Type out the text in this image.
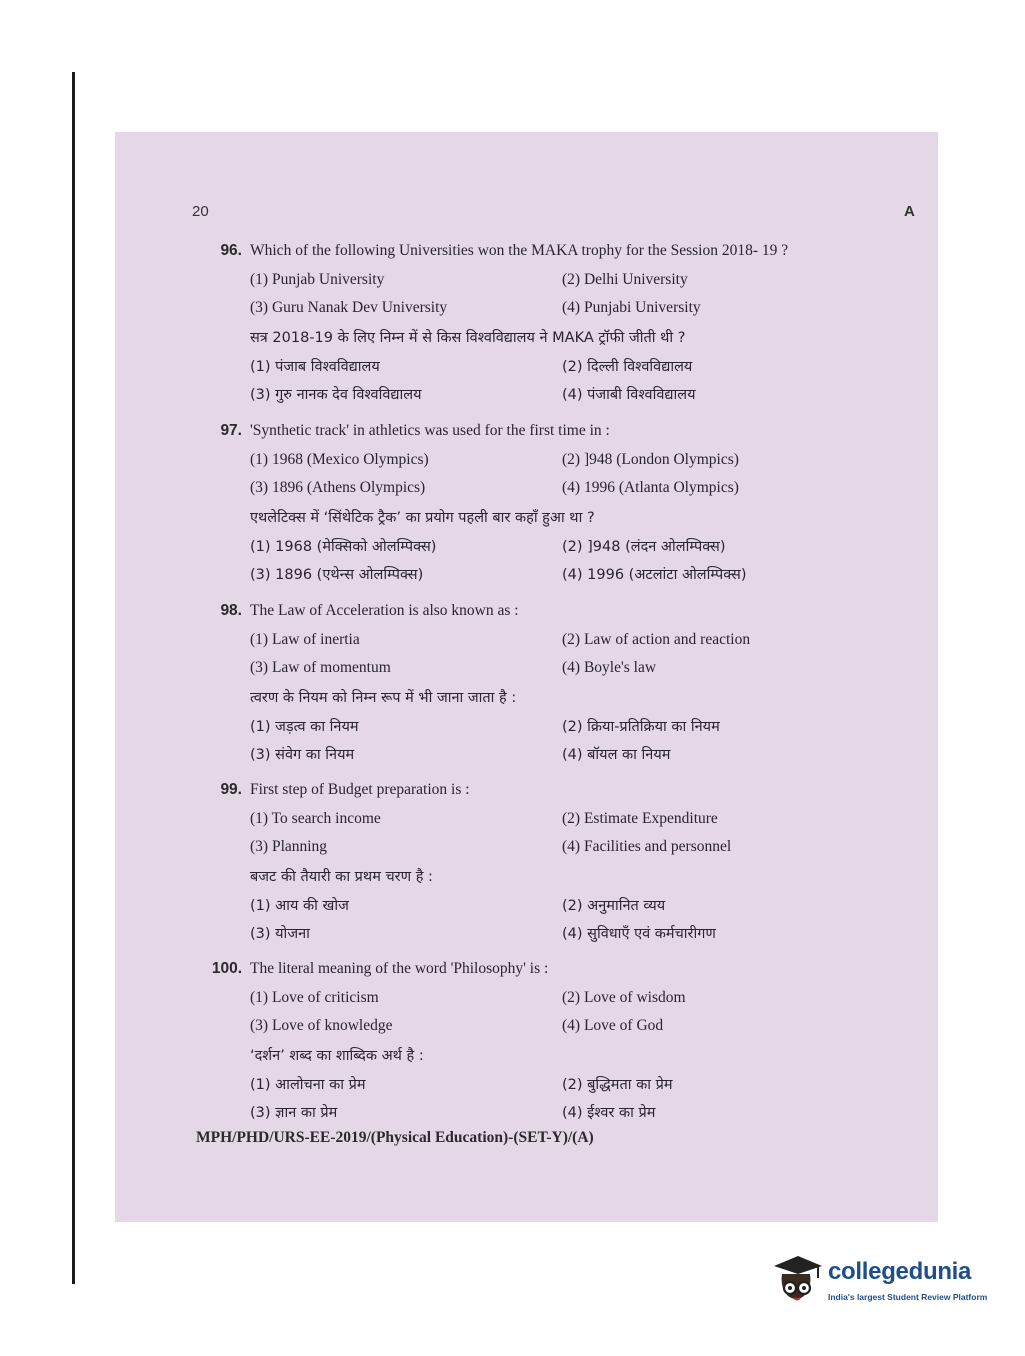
20	A
96. Which of the following Universities won the MAKA trophy for the Session 2018- 19 ?
(1) Punjab University	(2) Delhi University
(3) Guru Nanak Dev University	(4) Punjabi University
सत्र 2018-19 के लिए निम्न में से किस विश्वविद्यालय ने MAKA ट्रॉफी जीती थी ?
(1) पंजाब विश्वविद्यालय	(2) दिल्ली विश्वविद्यालय
(3) गुरु नानक देव विश्वविद्यालय	(4) पंजाबी विश्वविद्यालय
97. 'Synthetic track' in athletics was used for the first time in :
(1) 1968 (Mexico Olympics)	(2) ]948 (London Olympics)
(3) 1896 (Athens Olympics)	(4) 1996 (Atlanta Olympics)
एथलेटिक्स में ‘सिंथेटिक ट्रैक’ का प्रयोग पहली बार कहाँ हुआ था ?
(1) 1968 (मेक्सिको ओलम्पिक्स)	(2) ]948 (लंदन ओलम्पिक्स)
(3) 1896 (एथेन्स ओलम्पिक्स)	(4) 1996 (अटलांटा ओलम्पिक्स)
98. The Law of Acceleration is also known as :
(1) Law of inertia	(2) Law of action and reaction
(3) Law of momentum	(4) Boyle's law
त्वरण के नियम को निम्न रूप में भी जाना जाता है :
(1) जड़त्व का नियम	(2) क्रिया-प्रतिक्रिया का नियम
(3) संवेग का नियम	(4) बॉयल का नियम
99. First step of Budget preparation is :
(1) To search income	(2) Estimate Expenditure
(3) Planning	(4) Facilities and personnel
बजट की तैयारी का प्रथम चरण है :
(1) आय की खोज	(2) अनुमानित व्यय
(3) योजना	(4) सुविधाएँ एवं कर्मचारीगण
100. The literal meaning of the word 'Philosophy' is :
(1) Love of criticism	(2) Love of wisdom
(3) Love of knowledge	(4) Love of God
‘दर्शन’ शब्द का शाब्दिक अर्थ है :
(1) आलोचना का प्रेम	(2) बुद्धिमता का प्रेम
(3) ज्ञान का प्रेम	(4) ईश्वर का प्रेम
MPH/PHD/URS-EE-2019/(Physical Education)-(SET-Y)/(A)
collegedunia
India's largest Student Review Platform
